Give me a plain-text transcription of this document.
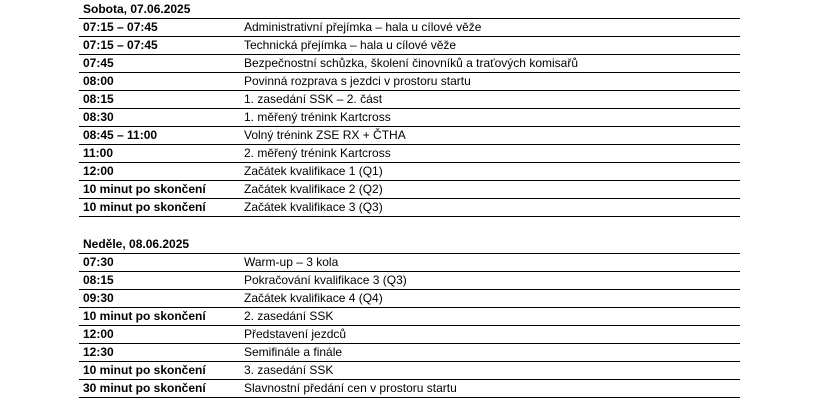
Sobota, 07.06.2025
07:15 – 07:45	Administrativní přejímka – hala u cílové věže
07:15 – 07:45	Technická přejímka – hala u cílové věže
07:45	Bezpečnostní schůzka, školení činovníků a traťových komisařů
08:00	Povinná rozprava s jezdci v prostoru startu
08:15	1. zasedání SSK – 2. část
08:30	1. měřený trénink Kartcross
08:45 – 11:00	Volný trénink ZSE RX + ČTHA
11:00	2. měřený trénink Kartcross
12:00	Začátek kvalifikace 1 (Q1)
10 minut po skončení	Začátek kvalifikace 2 (Q2)
10 minut po skončení	Začátek kvalifikace 3 (Q3)
Neděle, 08.06.2025
07:30	Warm-up – 3 kola
08:15	Pokračování kvalifikace 3 (Q3)
09:30	Začátek kvalifikace 4 (Q4)
10 minut po skončení	2. zasedání SSK
12:00	Představení jezdců
12:30	Semifinále a finále
10 minut po skončení	3. zasedání SSK
30 minut po skončení	Slavnostní předání cen v prostoru startu
